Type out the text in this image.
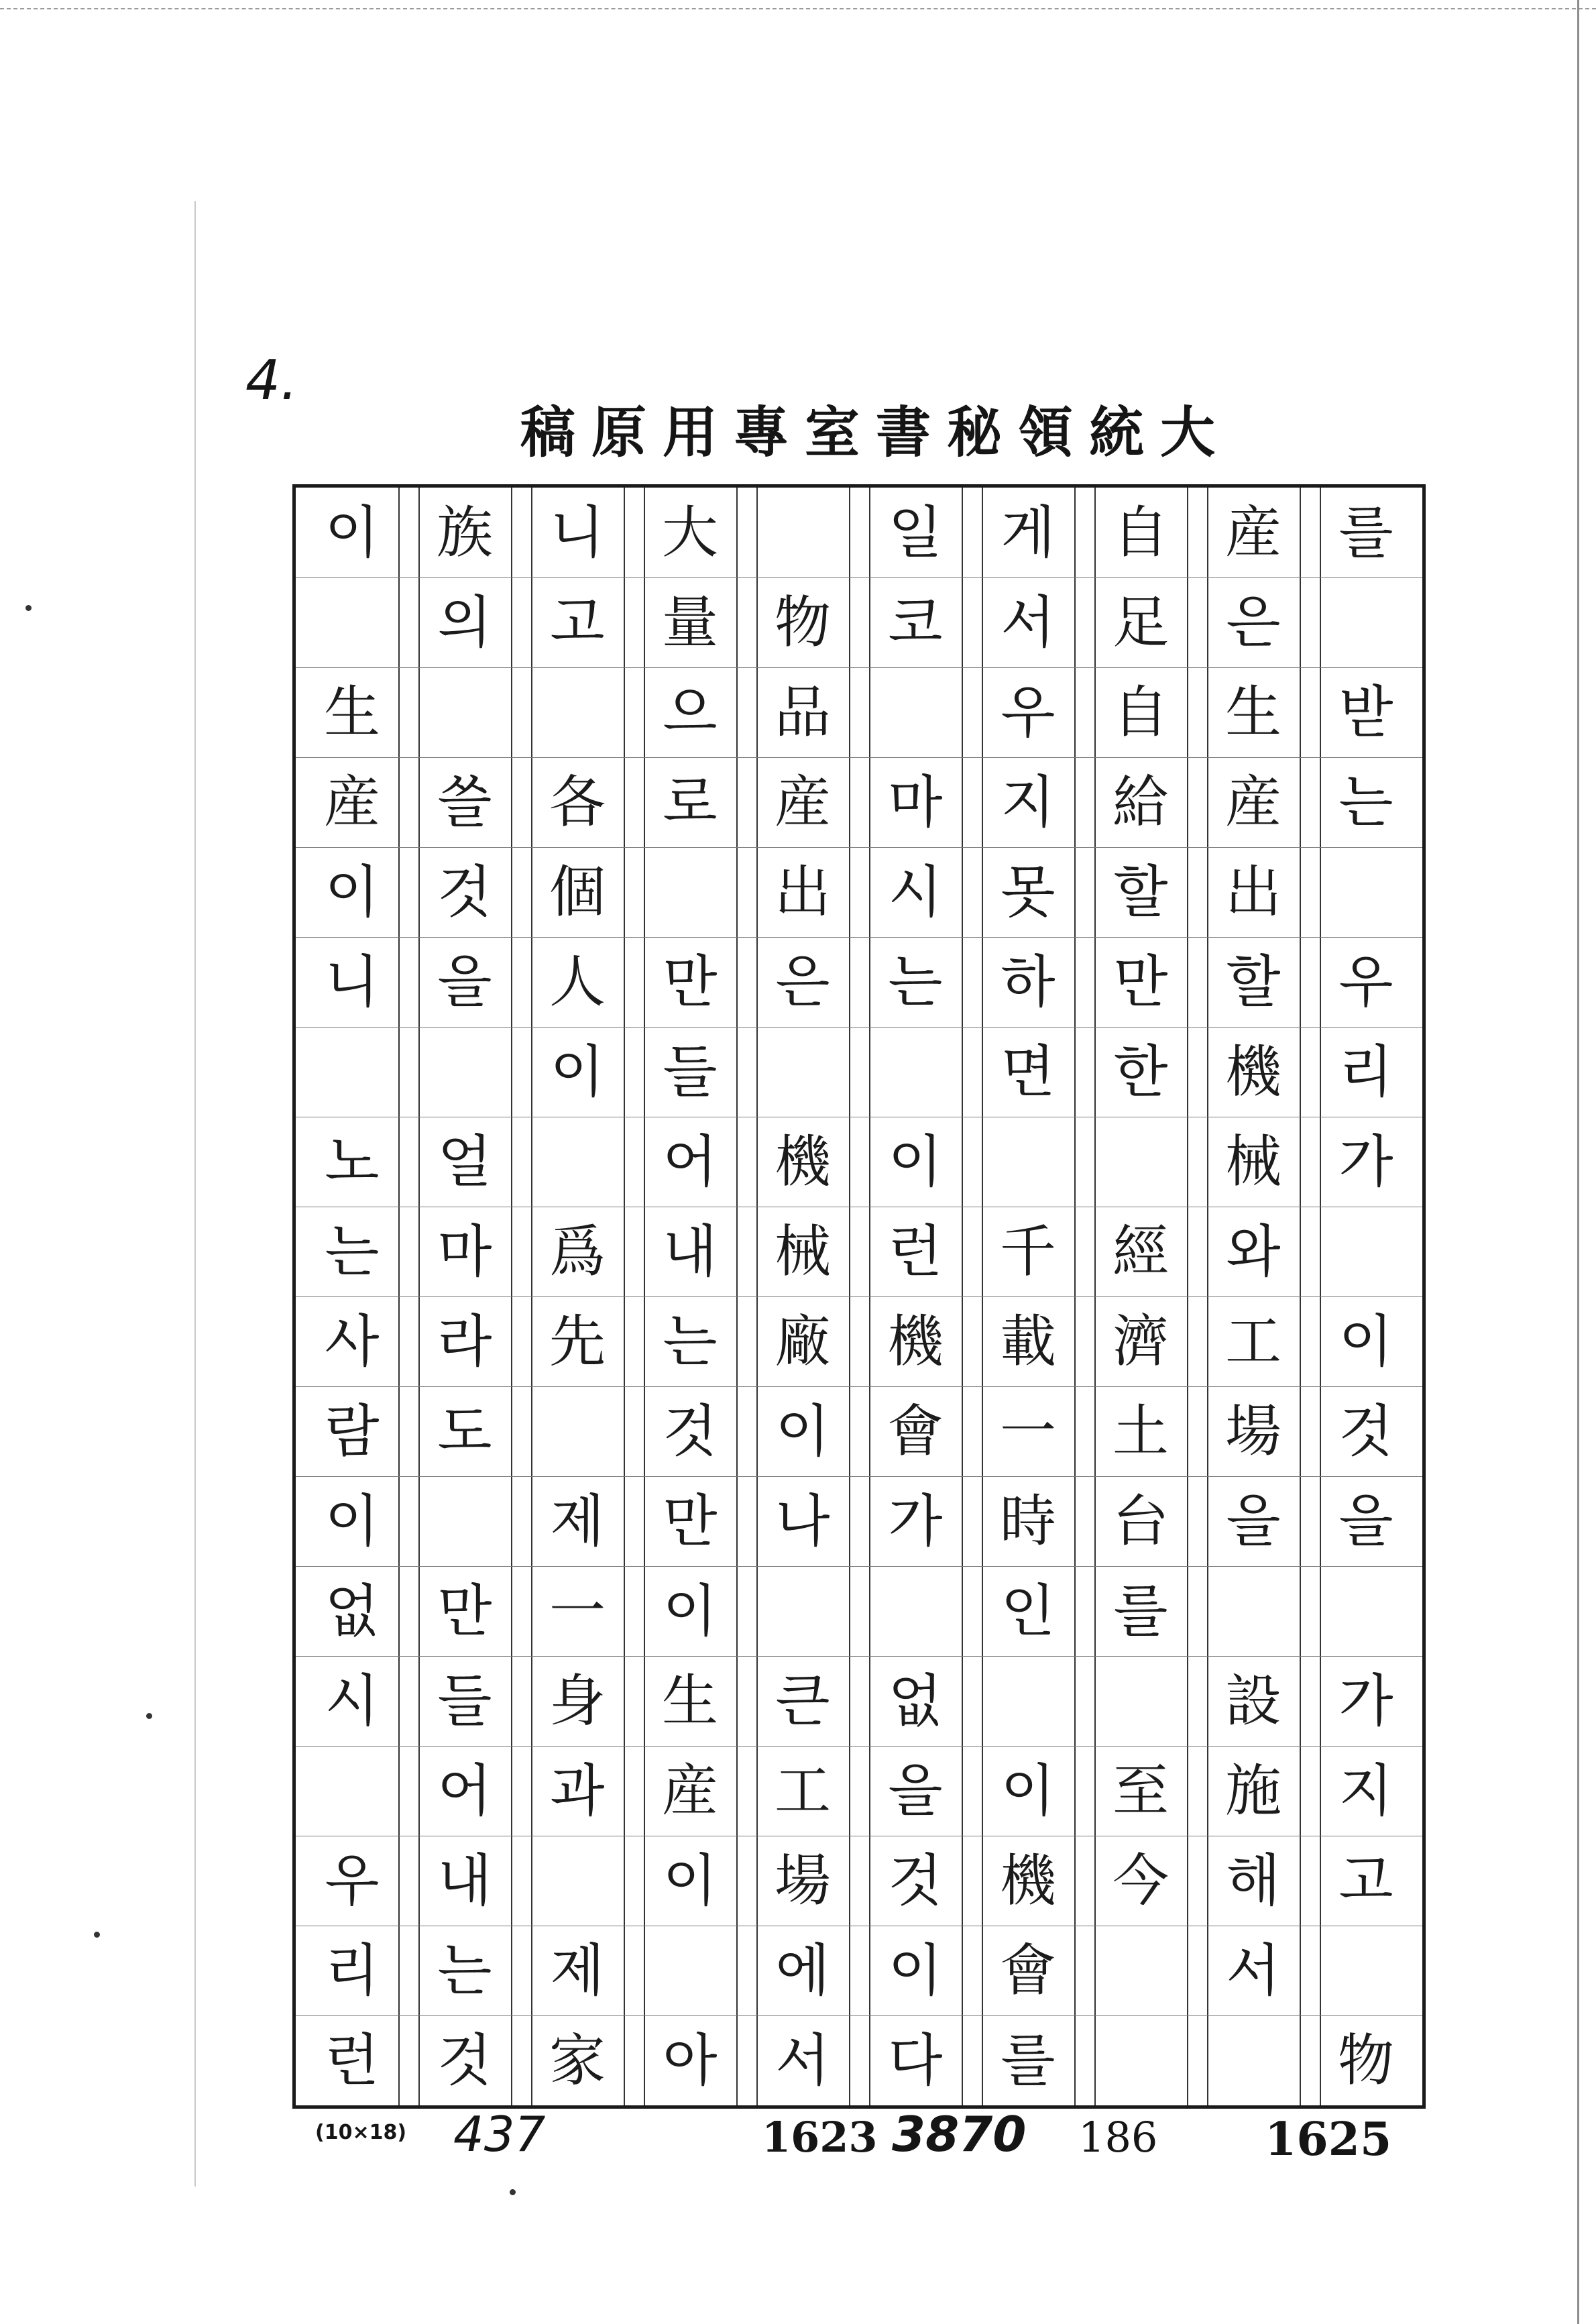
4.
大統領秘書室專用原稿
를
받
는
우
리
가
이
것
을
가
지
고
物
産
은
生
産
出
할
機
械
와
工
場
을
設
施
해
서
自
足
自
給
할
만
한
經
濟
土
台
를
至
今
게
서
우
지
못
하
면
千
載
一
時
인
이
機
會
를
일
코
마
시
는
이
런
機
會
가
없
을
것
이
다
物
品
産
出
은
機
械
廠
이
나
큰
工
場
에
서
大
量
으
로
만
들
어
내
는
것
만
이
生
産
이
아
니
고
各
個
人
이
爲
先
제
一
身
과
제
家
族
의
쓸
것
을
얼
마
라
도
만
들
어
내
는
것
이
生
産
이
니
노
는
사
람
이
없
시
우
리
런
(10×18) 437	1623 3870 186 1625
